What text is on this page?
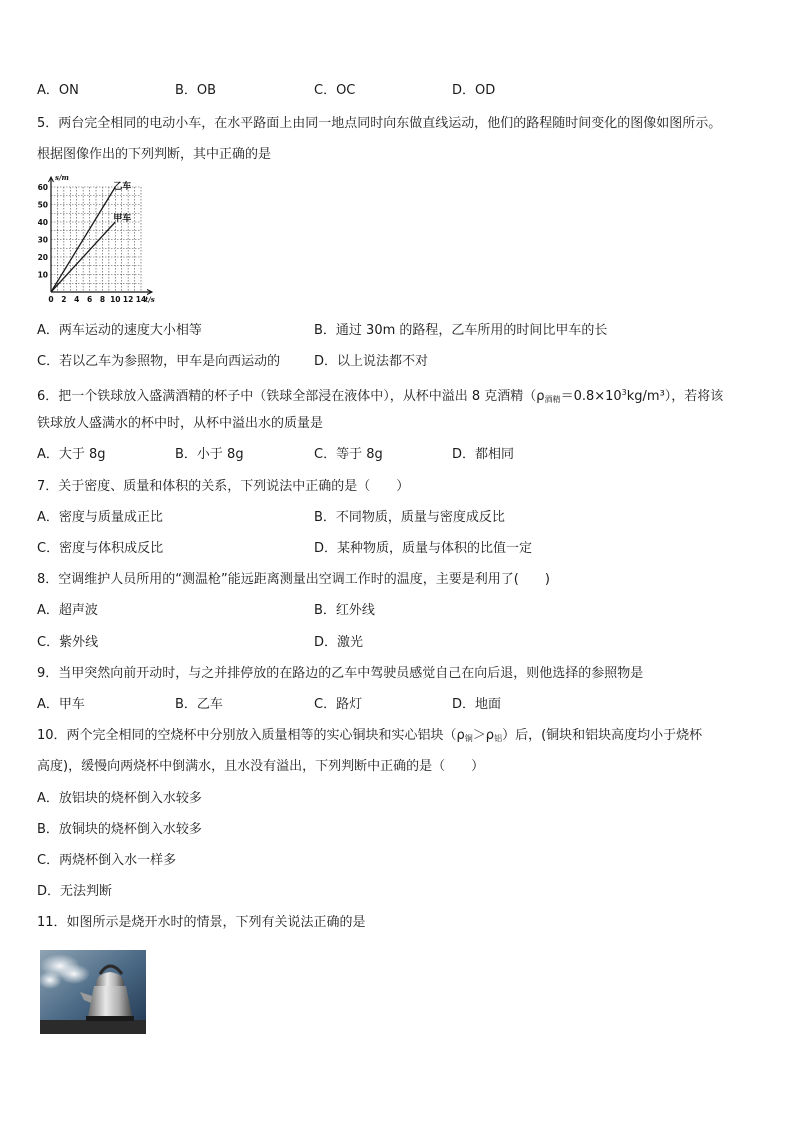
A．ON	B．OB	C．OC	D．OD
5．两台完全相同的电动小车，在水平路面上由同一地点同时向东做直线运动，他们的路程随时间变化的图像如图所示。
根据图像作出的下列判断，其中正确的是
乙车
甲车
0 2 4 6 8 10 12 14
10
20
30
40
50
60
s/m
t/s
A．两车运动的速度大小相等	B．通过 30m 的路程，乙车所用的时间比甲车的长
C．若以乙车为参照物，甲车是向西运动的	D．以上说法都不对
6．把一个铁球放入盛满酒精的杯子中（铁球全部浸在液体中），从杯中溢出 8 克酒精$(\rho_{酒精}=0.8\times 10^3kg/m^3)$，若将该
铁球放人盛满水的杯中时，从杯中溢出水的质量是
A．大于 8g	B．小于 8g	C．等于 8g	D．都相同
7．关于密度、质量和体积的关系，下列说法中正确的是（　　）
A．密度与质量成正比	B．不同物质，质量与密度成反比
C．密度与体积成反比	D．某种物质，质量与体积的比值一定
8．空调维护人员所用的“测温枪”能远距离测量出空调工作时的温度，主要是利用了(　　)
A．超声波	B．红外线
C．紫外线	D．激光
9．当甲突然向前开动时，与之并排停放的在路边的乙车中驾驶员感觉自己在向后退，则他选择的参照物是
A．甲车	B．乙车	C．路灯	D．地面
10．两个完全相同的空烧杯中分别放入质量相等的实心铜块和实心铝块$(\rho_铜>\rho_铝)$后，(铜块和铝块高度均小于烧杯
高度)，缓慢向两烧杯中倒满水，且水没有溢出，下列判断中正确的是（　　）
A．放铝块的烧杯倒入水较多
B．放铜块的烧杯倒入水较多
C．两烧杯倒入水一样多
D．无法判断
11．如图所示是烧开水时的情景，下列有关说法正确的是
